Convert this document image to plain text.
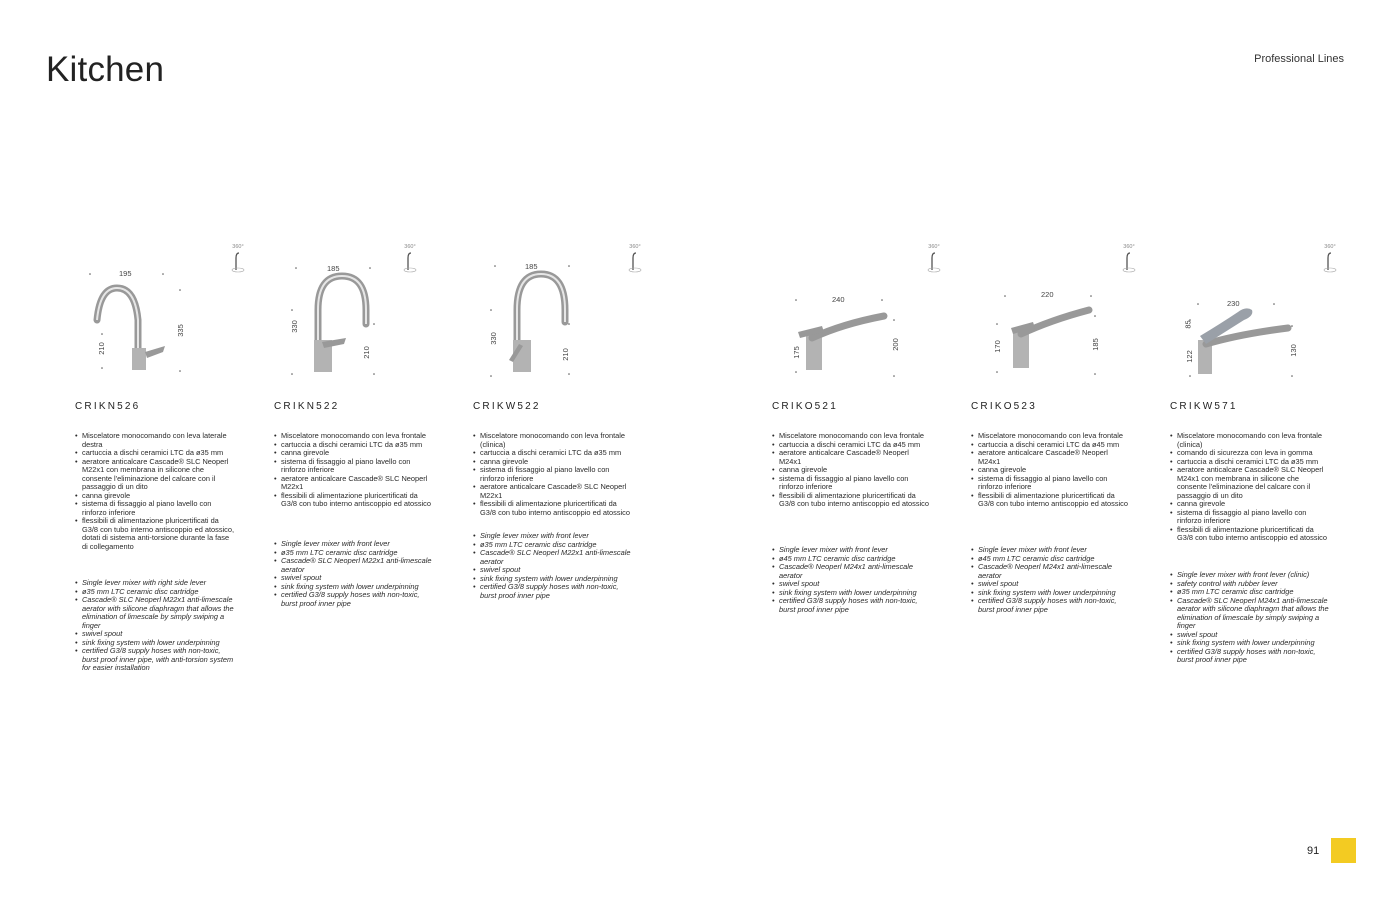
Kitchen	Professional Lines
195
210
335
360°
CRIKN526
• Miscelatore monocomando con leva laterale destra
• cartuccia a dischi ceramici LTC da ø35 mm
• aeratore anticalcare Cascade® SLC Neoperl M22x1 con membrana in silicone che consente l'eliminazione del calcare con il passaggio di un dito
• canna girevole
• sistema di fissaggio al piano lavello con rinforzo inferiore
• flessibili di alimentazione pluricertificati da G3/8 con tubo interno antiscoppio ed atossico, dotati di sistema anti-torsione durante la fase di collegamento
• Single lever mixer with right side lever
• ø35 mm LTC ceramic disc cartridge
• Cascade® SLC Neoperl M22x1 anti-limescale aerator with silicone diaphragm that allows the elimination of limescale by simply swiping a finger
• swivel spout
• sink fixing system with lower underpinning
• certified G3/8 supply hoses with non-toxic, burst proof inner pipe, with anti-torsion system for easier installation
185
330
210
360°
CRIKN522
• Miscelatore monocomando con leva frontale
• cartuccia a dischi ceramici LTC da ø35 mm
• canna girevole
• sistema di fissaggio al piano lavello con rinforzo inferiore
• aeratore anticalcare Cascade® SLC Neoperl M22x1
• flessibili di alimentazione pluricertificati da G3/8 con tubo interno antiscoppio ed atossico
• Single lever mixer with front lever
• ø35 mm LTC ceramic disc cartridge
• Cascade® SLC Neoperl M22x1 anti-limescale aerator
• swivel spout
• sink fixing system with lower underpinning
• certified G3/8 supply hoses with non-toxic, burst proof inner pipe
185
330
210
360°
CRIKW522
• Miscelatore monocomando con leva frontale (clinica)
• cartuccia a dischi ceramici LTC da ø35 mm
• canna girevole
• sistema di fissaggio al piano lavello con rinforzo inferiore
• aeratore anticalcare Cascade® SLC Neoperl M22x1
• flessibili di alimentazione pluricertificati da G3/8 con tubo interno antiscoppio ed atossico
• Single lever mixer with front lever
• ø35 mm LTC ceramic disc cartridge
• Cascade® SLC Neoperl M22x1 anti-limescale aerator
• swivel spout
• sink fixing system with lower underpinning
• certified G3/8 supply hoses with non-toxic, burst proof inner pipe
240
175
200
360°
CRIKO521
• Miscelatore monocomando con leva frontale
• cartuccia a dischi ceramici LTC da ø45 mm
• aeratore anticalcare Cascade® Neoperl M24x1
• canna girevole
• sistema di fissaggio al piano lavello con rinforzo inferiore
• flessibili di alimentazione pluricertificati da G3/8 con tubo interno antiscoppio ed atossico
• Single lever mixer with front lever
• ø45 mm LTC ceramic disc cartridge
• Cascade® Neoperl M24x1 anti-limescale aerator
• swivel spout
• sink fixing system with lower underpinning
• certified G3/8 supply hoses with non-toxic, burst proof inner pipe
220
170	185
360°
CRIKO523
• Miscelatore monocomando con leva frontale
• cartuccia a dischi ceramici LTC da ø45 mm
• aeratore anticalcare Cascade® Neoperl M24x1
• canna girevole
• sistema di fissaggio al piano lavello con rinforzo inferiore
• flessibili di alimentazione pluricertificati da G3/8 con tubo interno antiscoppio ed atossico
• Single lever mixer with front lever
• ø45 mm LTC ceramic disc cartridge
• Cascade® Neoperl M24x1 anti-limescale aerator
• swivel spout
• sink fixing system with lower underpinning
• certified G3/8 supply hoses with non-toxic, burst proof inner pipe
230
85
122	130
360°
CRIKW571
• Miscelatore monocomando con leva frontale (clinica)
• comando di sicurezza con leva in gomma
• cartuccia a dischi ceramici LTC da ø35 mm
• aeratore anticalcare Cascade® SLC Neoperl M24x1 con membrana in silicone che consente l'eliminazione del calcare con il passaggio di un dito
• canna girevole
• sistema di fissaggio al piano lavello con rinforzo inferiore
• flessibili di alimentazione pluricertificati da G3/8 con tubo interno antiscoppio ed atossico
• Single lever mixer with front lever (clinic)
• safety control with rubber lever
• ø35 mm LTC ceramic disc cartridge
• Cascade® SLC Neoperl M24x1 anti-limescale aerator with silicone diaphragm that allows the elimination of limescale by simply swiping a finger
• swivel spout
• sink fixing system with lower underpinning
• certified G3/8 supply hoses with non-toxic, burst proof inner pipe
91
